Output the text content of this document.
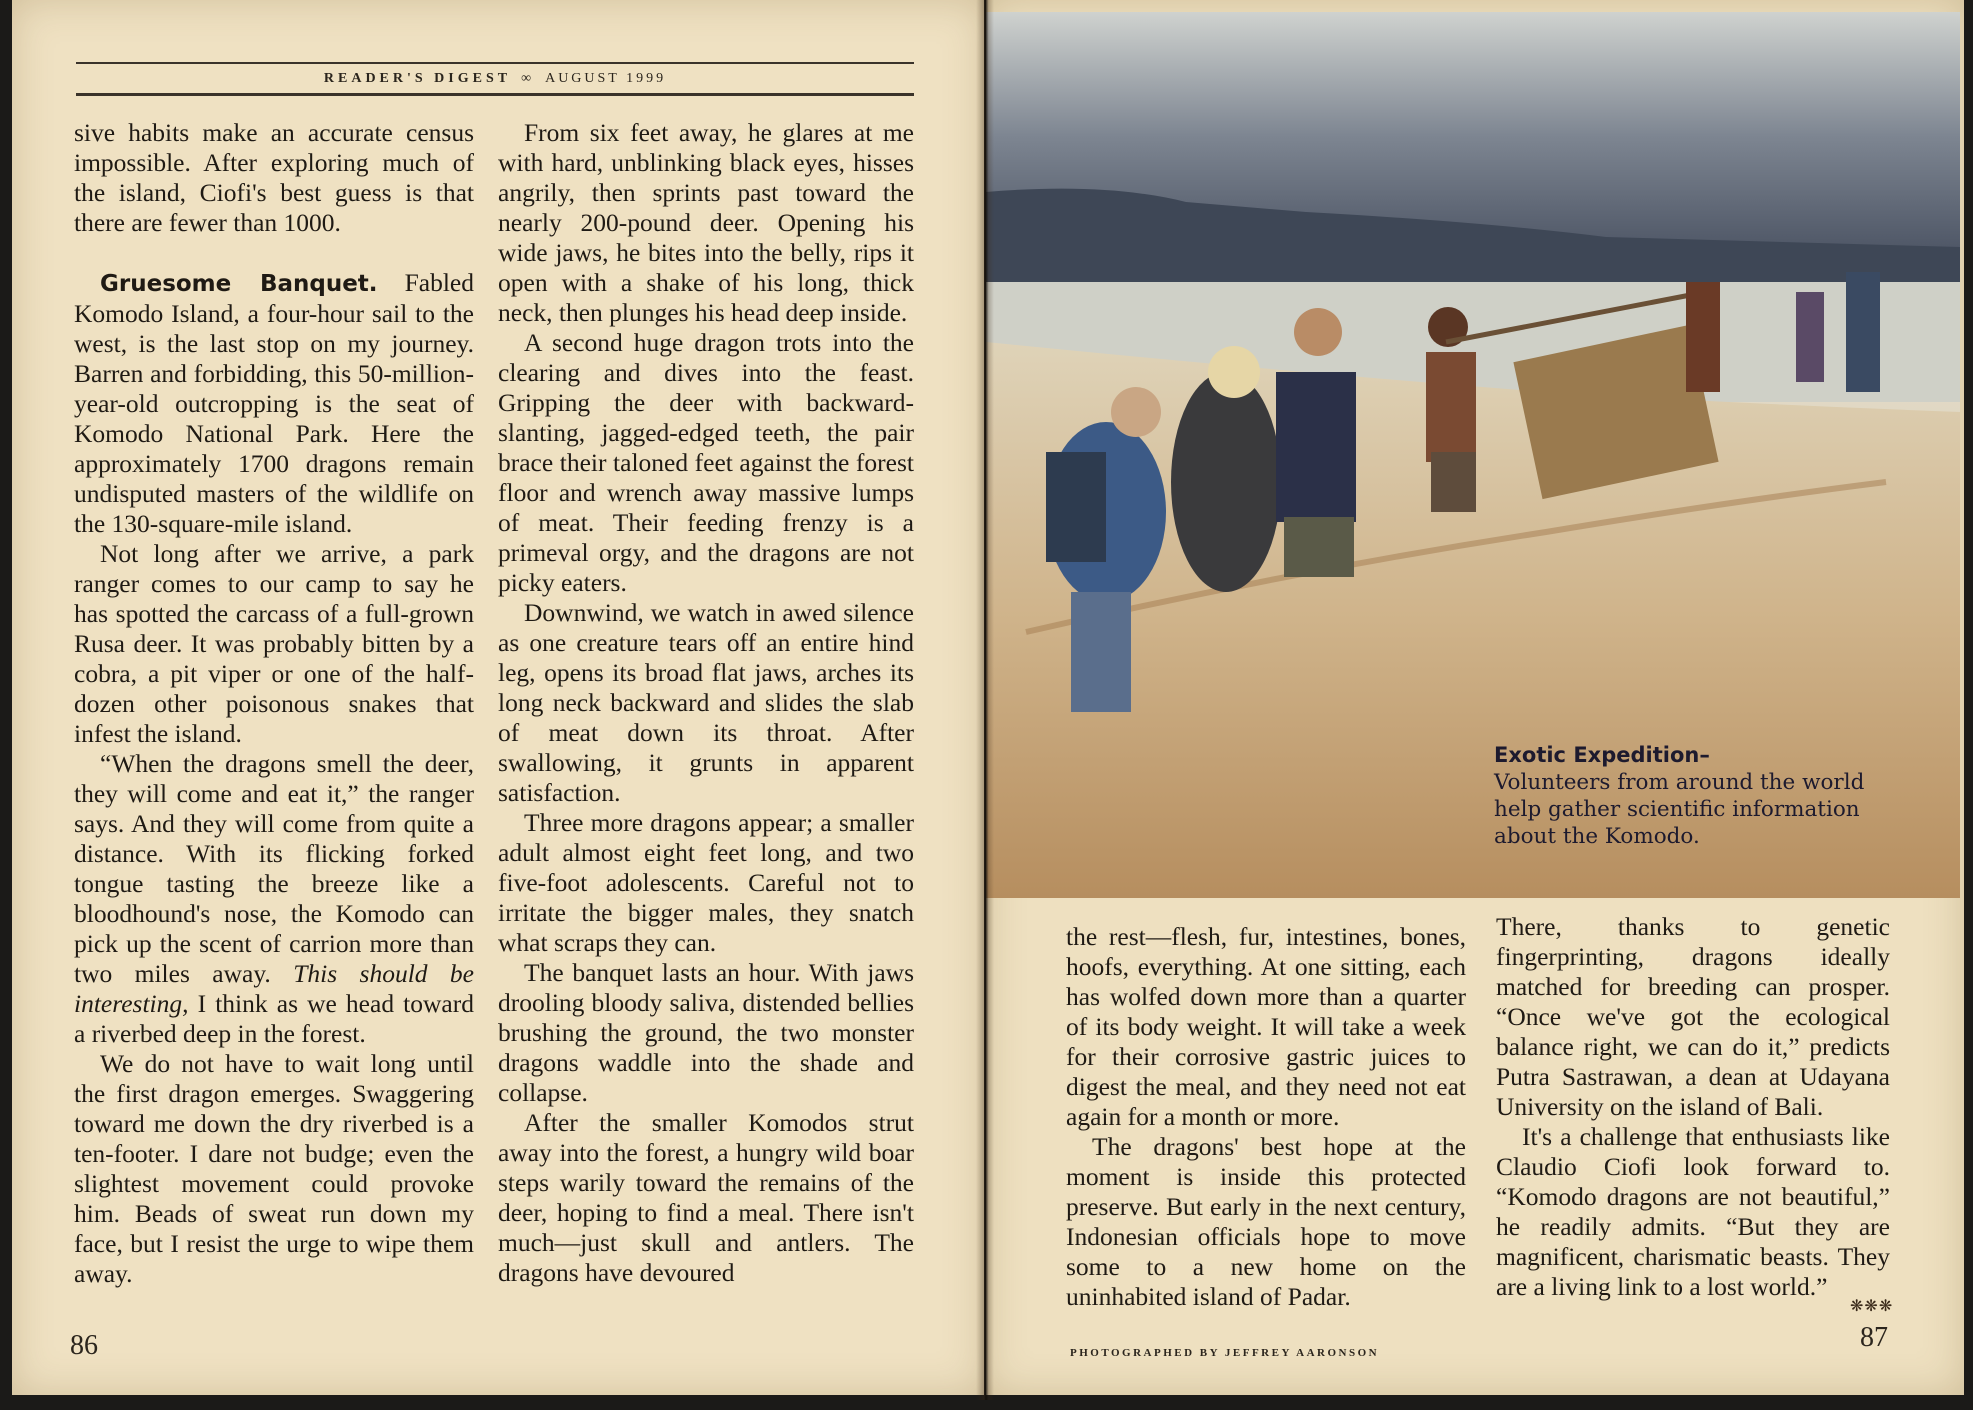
READER'S DIGEST ∞ AUGUST 1999

sive habits make an accurate census impossible. After exploring much of the island, Ciofi's best guess is that there are fewer than 1000.

Gruesome Banquet. Fabled Komodo Island, a four-hour sail to the west, is the last stop on my journey. Barren and forbidding, this 50-million-year-old outcropping is the seat of Komodo National Park. Here the approximately 1700 dragons remain undisputed masters of the wildlife on the 130-square-mile island.

Not long after we arrive, a park ranger comes to our camp to say he has spotted the carcass of a full-grown Rusa deer. It was probably bitten by a cobra, a pit viper or one of the half-dozen other poisonous snakes that infest the island.

“When the dragons smell the deer, they will come and eat it,” the ranger says. And they will come from quite a distance. With its flicking forked tongue tasting the breeze like a bloodhound's nose, the Komodo can pick up the scent of carrion more than two miles away. This should be interesting, I think as we head toward a riverbed deep in the forest.

We do not have to wait long until the first dragon emerges. Swaggering toward me down the dry riverbed is a ten-footer. I dare not budge; even the slightest movement could provoke him. Beads of sweat run down my face, but I resist the urge to wipe them away.

From six feet away, he glares at me with hard, unblinking black eyes, hisses angrily, then sprints past toward the nearly 200-pound deer. Opening his wide jaws, he bites into the belly, rips it open with a shake of his long, thick neck, then plunges his head deep inside.

A second huge dragon trots into the clearing and dives into the feast. Gripping the deer with backward-slanting, jagged-edged teeth, the pair brace their taloned feet against the forest floor and wrench away massive lumps of meat. Their feeding frenzy is a primeval orgy, and the dragons are not picky eaters.

Downwind, we watch in awed silence as one creature tears off an entire hind leg, opens its broad flat jaws, arches its long neck backward and slides the slab of meat down its throat. After swallowing, it grunts in apparent satisfaction.

Three more dragons appear; a smaller adult almost eight feet long, and two five-foot adolescents. Careful not to irritate the bigger males, they snatch what scraps they can.

The banquet lasts an hour. With jaws drooling bloody saliva, distended bellies brushing the ground, the two monster dragons waddle into the shade and collapse.

After the smaller Komodos strut away into the forest, a hungry wild boar steps warily toward the remains of the deer, hoping to find a meal. There isn't much—just skull and antlers. The dragons have devoured

86
Exotic Expedition–
Volunteers from around the world help gather scientific information about the Komodo.

the rest—flesh, fur, intestines, bones, hoofs, everything. At one sitting, each has wolfed down more than a quarter of its body weight. It will take a week for their corrosive gastric juices to digest the meal, and they need not eat again for a month or more.

The dragons' best hope at the moment is inside this protected preserve. But early in the next century, Indonesian officials hope to move some to a new home on the uninhabited island of Padar.

There, thanks to genetic fingerprinting, dragons ideally matched for breeding can prosper. “Once we've got the ecological balance right, we can do it,” predicts Putra Sastrawan, a dean at Udayana University on the island of Bali.

It's a challenge that enthusiasts like Claudio Ciofi look forward to. “Komodo dragons are not beautiful,” he readily admits. “But they are magnificent, charismatic beasts. They are a living link to a lost world.”

❋❋❋
PHOTOGRAPHED BY JEFFREY AARONSON	87
